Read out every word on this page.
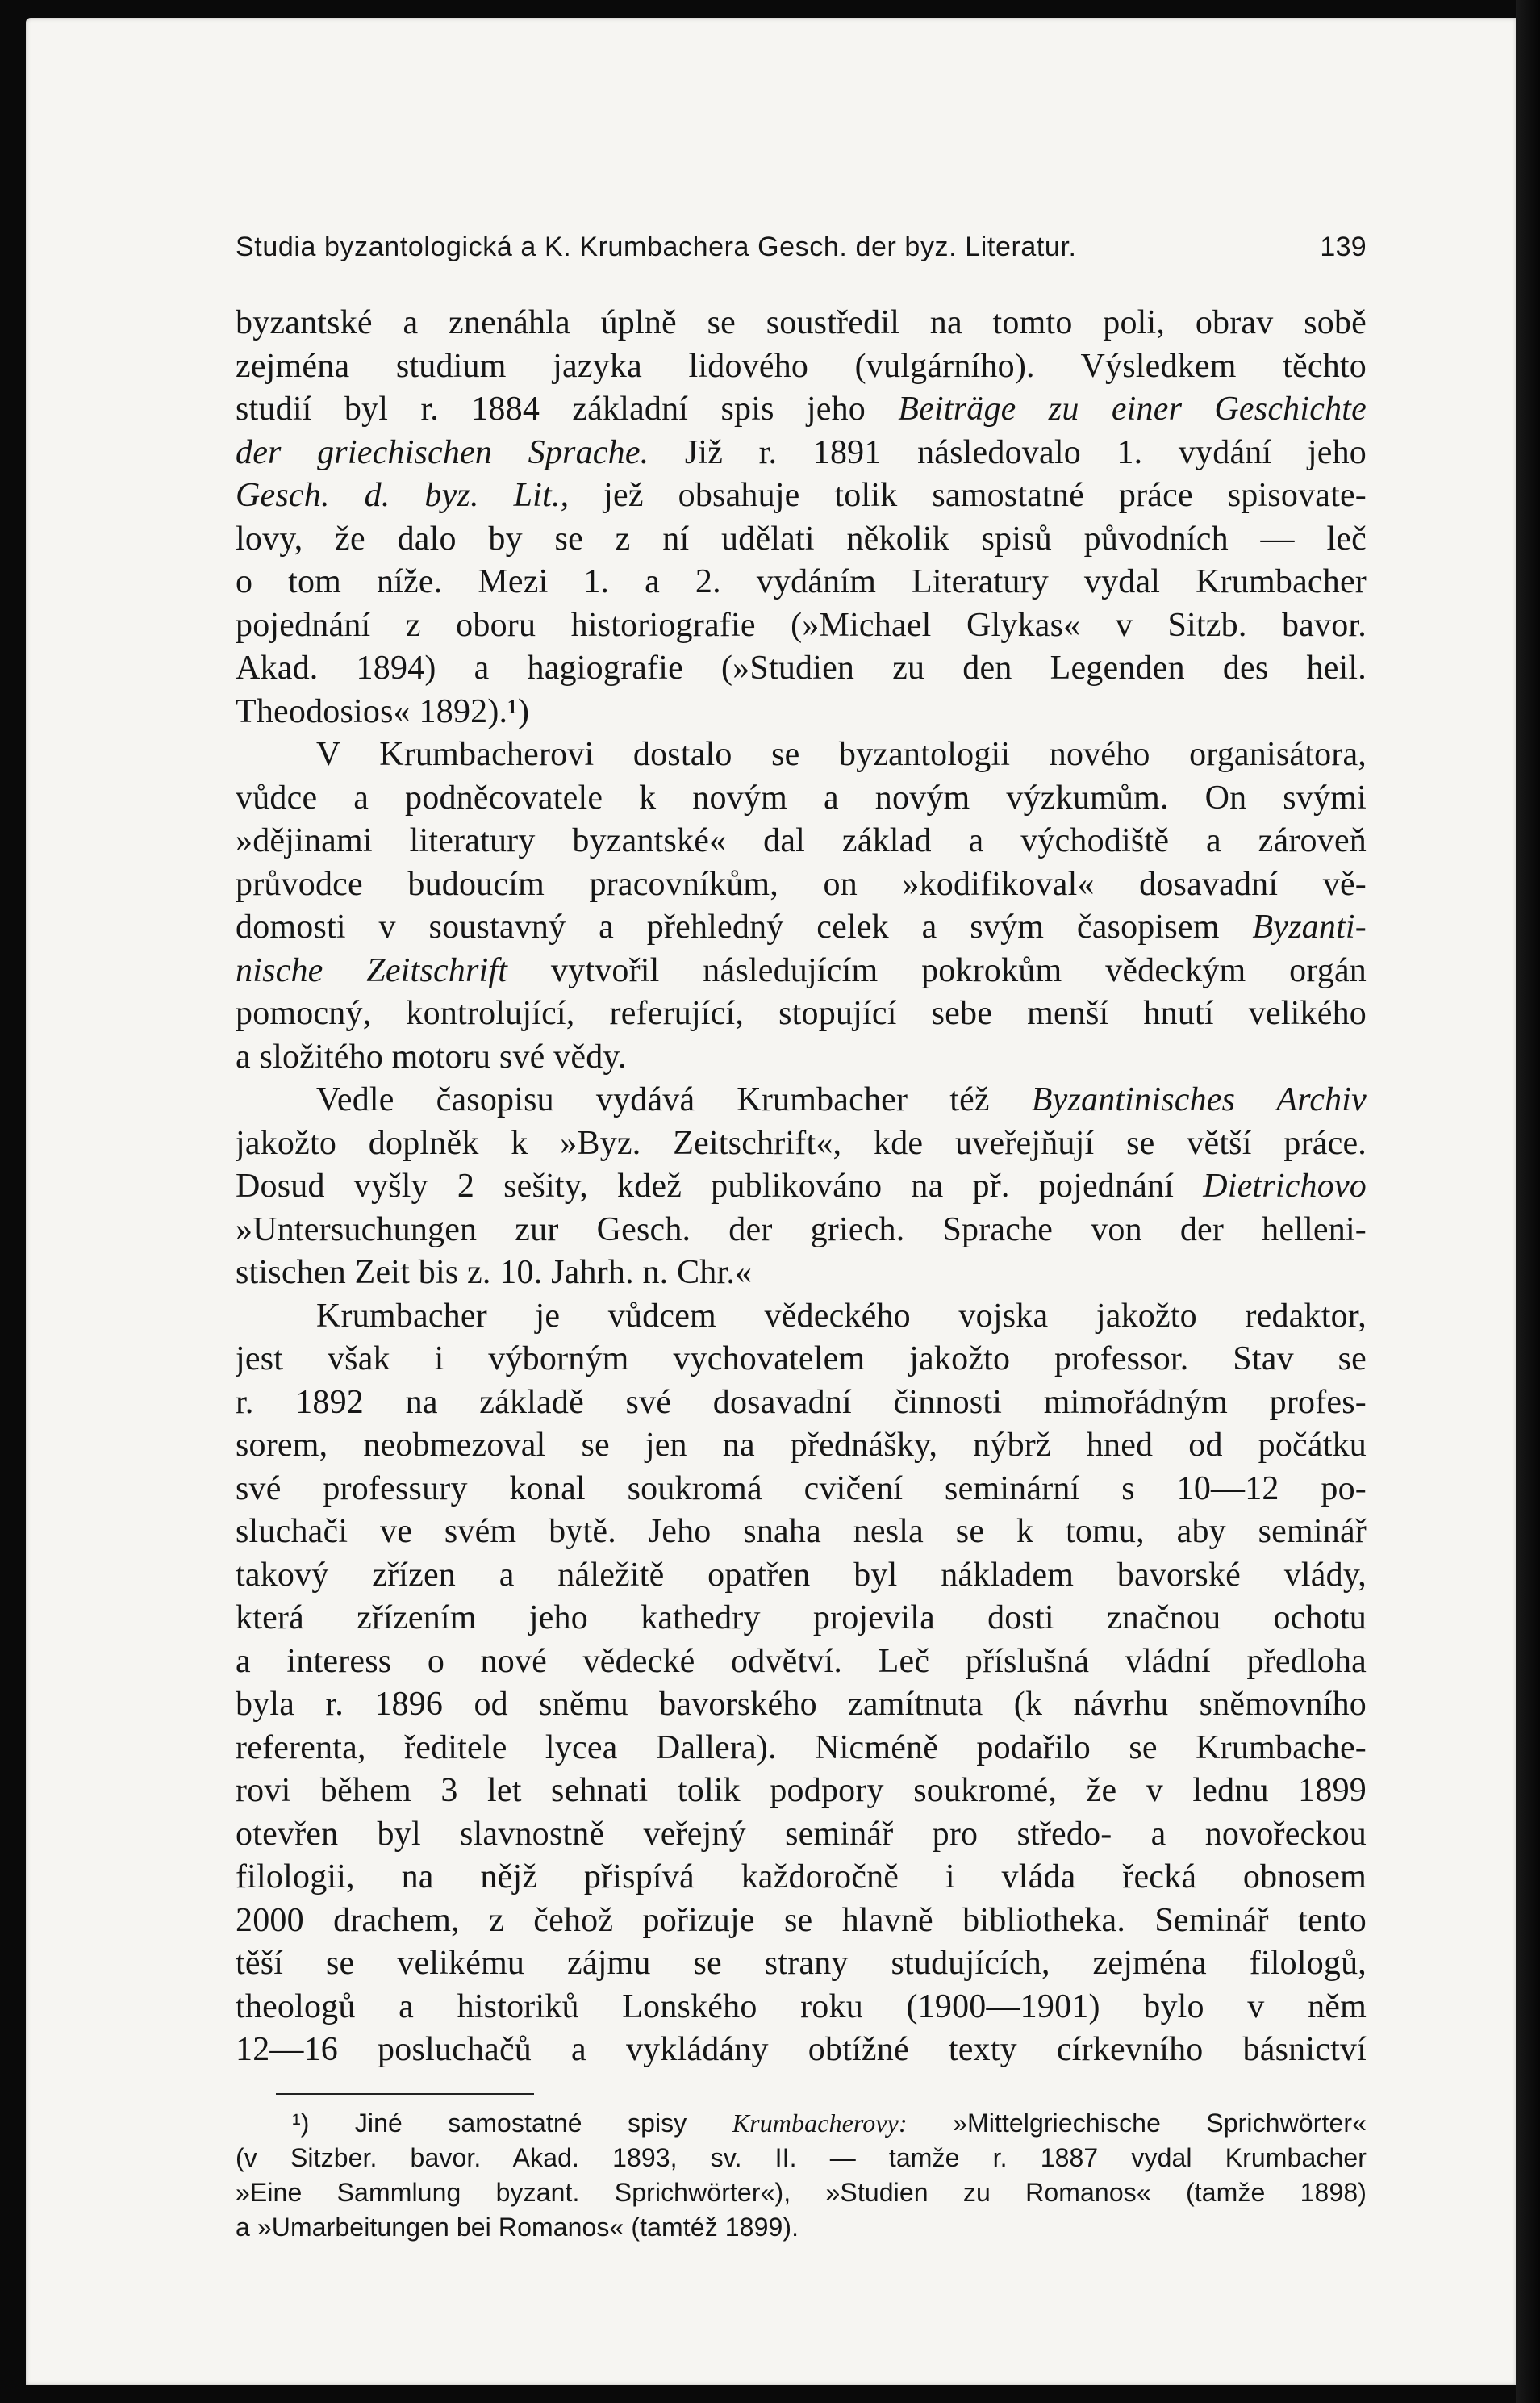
Studia byzantologická a K. Krumbachera Gesch. der byz. Literatur.	139
byzantské a znenáhla úplně se soustředil na tomto poli, obrav sobě
zejména studium jazyka lidového (vulgárního). Výsledkem těchto
studií byl r. 1884 základní spis jeho Beiträge zu einer Geschichte
der griechischen Sprache. Již r. 1891 následovalo 1. vydání jeho
Gesch. d. byz. Lit., jež obsahuje tolik samostatné práce spisovate-
lovy, že dalo by se z ní udělati několik spisů původních — leč
o tom níže. Mezi 1. a 2. vydáním Literatury vydal Krumbacher
pojednání z oboru historiografie (»Michael Glykas« v Sitzb. bavor.
Akad. 1894) a hagiografie (»Studien zu den Legenden des heil.
Theodosios« 1892).¹)
V Krumbacherovi dostalo se byzantologii nového organisátora,
vůdce a podněcovatele k novým a novým výzkumům. On svými
»dějinami literatury byzantské« dal základ a východiště a zároveň
průvodce budoucím pracovníkům, on »kodifikoval« dosavadní vě-
domosti v soustavný a přehledný celek a svým časopisem Byzanti-
nische Zeitschrift vytvořil následujícím pokrokům vědeckým orgán
pomocný, kontrolující, referující, stopující sebe menší hnutí velikého
a složitého motoru své vědy.
Vedle časopisu vydává Krumbacher též Byzantinisches Archiv
jakožto doplněk k »Byz. Zeitschrift«, kde uveřejňují se větší práce.
Dosud vyšly 2 sešity, kdež publikováno na př. pojednání Dietrichovo
»Untersuchungen zur Gesch. der griech. Sprache von der helleni-
stischen Zeit bis z. 10. Jahrh. n. Chr.«
Krumbacher je vůdcem vědeckého vojska jakožto redaktor,
jest však i výborným vychovatelem jakožto professor. Stav se
r. 1892 na základě své dosavadní činnosti mimořádným profes-
sorem, neobmezoval se jen na přednášky, nýbrž hned od počátku
své professury konal soukromá cvičení seminární s 10—12 po-
sluchači ve svém bytě. Jeho snaha nesla se k tomu, aby seminář
takový zřízen a náležitě opatřen byl nákladem bavorské vlády,
která zřízením jeho kathedry projevila dosti značnou ochotu
a interess o nové vědecké odvětví. Leč příslušná vládní předloha
byla r. 1896 od sněmu bavorského zamítnuta (k návrhu sněmovního
referenta, ředitele lycea Dallera). Nicméně podařilo se Krumbache-
rovi během 3 let sehnati tolik podpory soukromé, že v lednu 1899
otevřen byl slavnostně veřejný seminář pro středo- a novořeckou
filologii, na nějž přispívá každoročně i vláda řecká obnosem
2000 drachem, z čehož pořizuje se hlavně bibliotheka. Seminář tento
těší se velikému zájmu se strany studujících, zejména filologů,
theologů a historiků Lonského roku (1900—1901) bylo v něm
12—16 posluchačů a vykládány obtížné texty církevního básnictví
¹) Jiné samostatné spisy Krumbacherovy: »Mittelgriechische Sprichwörter«
(v Sitzber. bavor. Akad. 1893, sv. II. — tamže r. 1887 vydal Krumbacher
»Eine Sammlung byzant. Sprichwörter«), »Studien zu Romanos« (tamže 1898)
a »Umarbeitungen bei Romanos« (tamtéž 1899).
